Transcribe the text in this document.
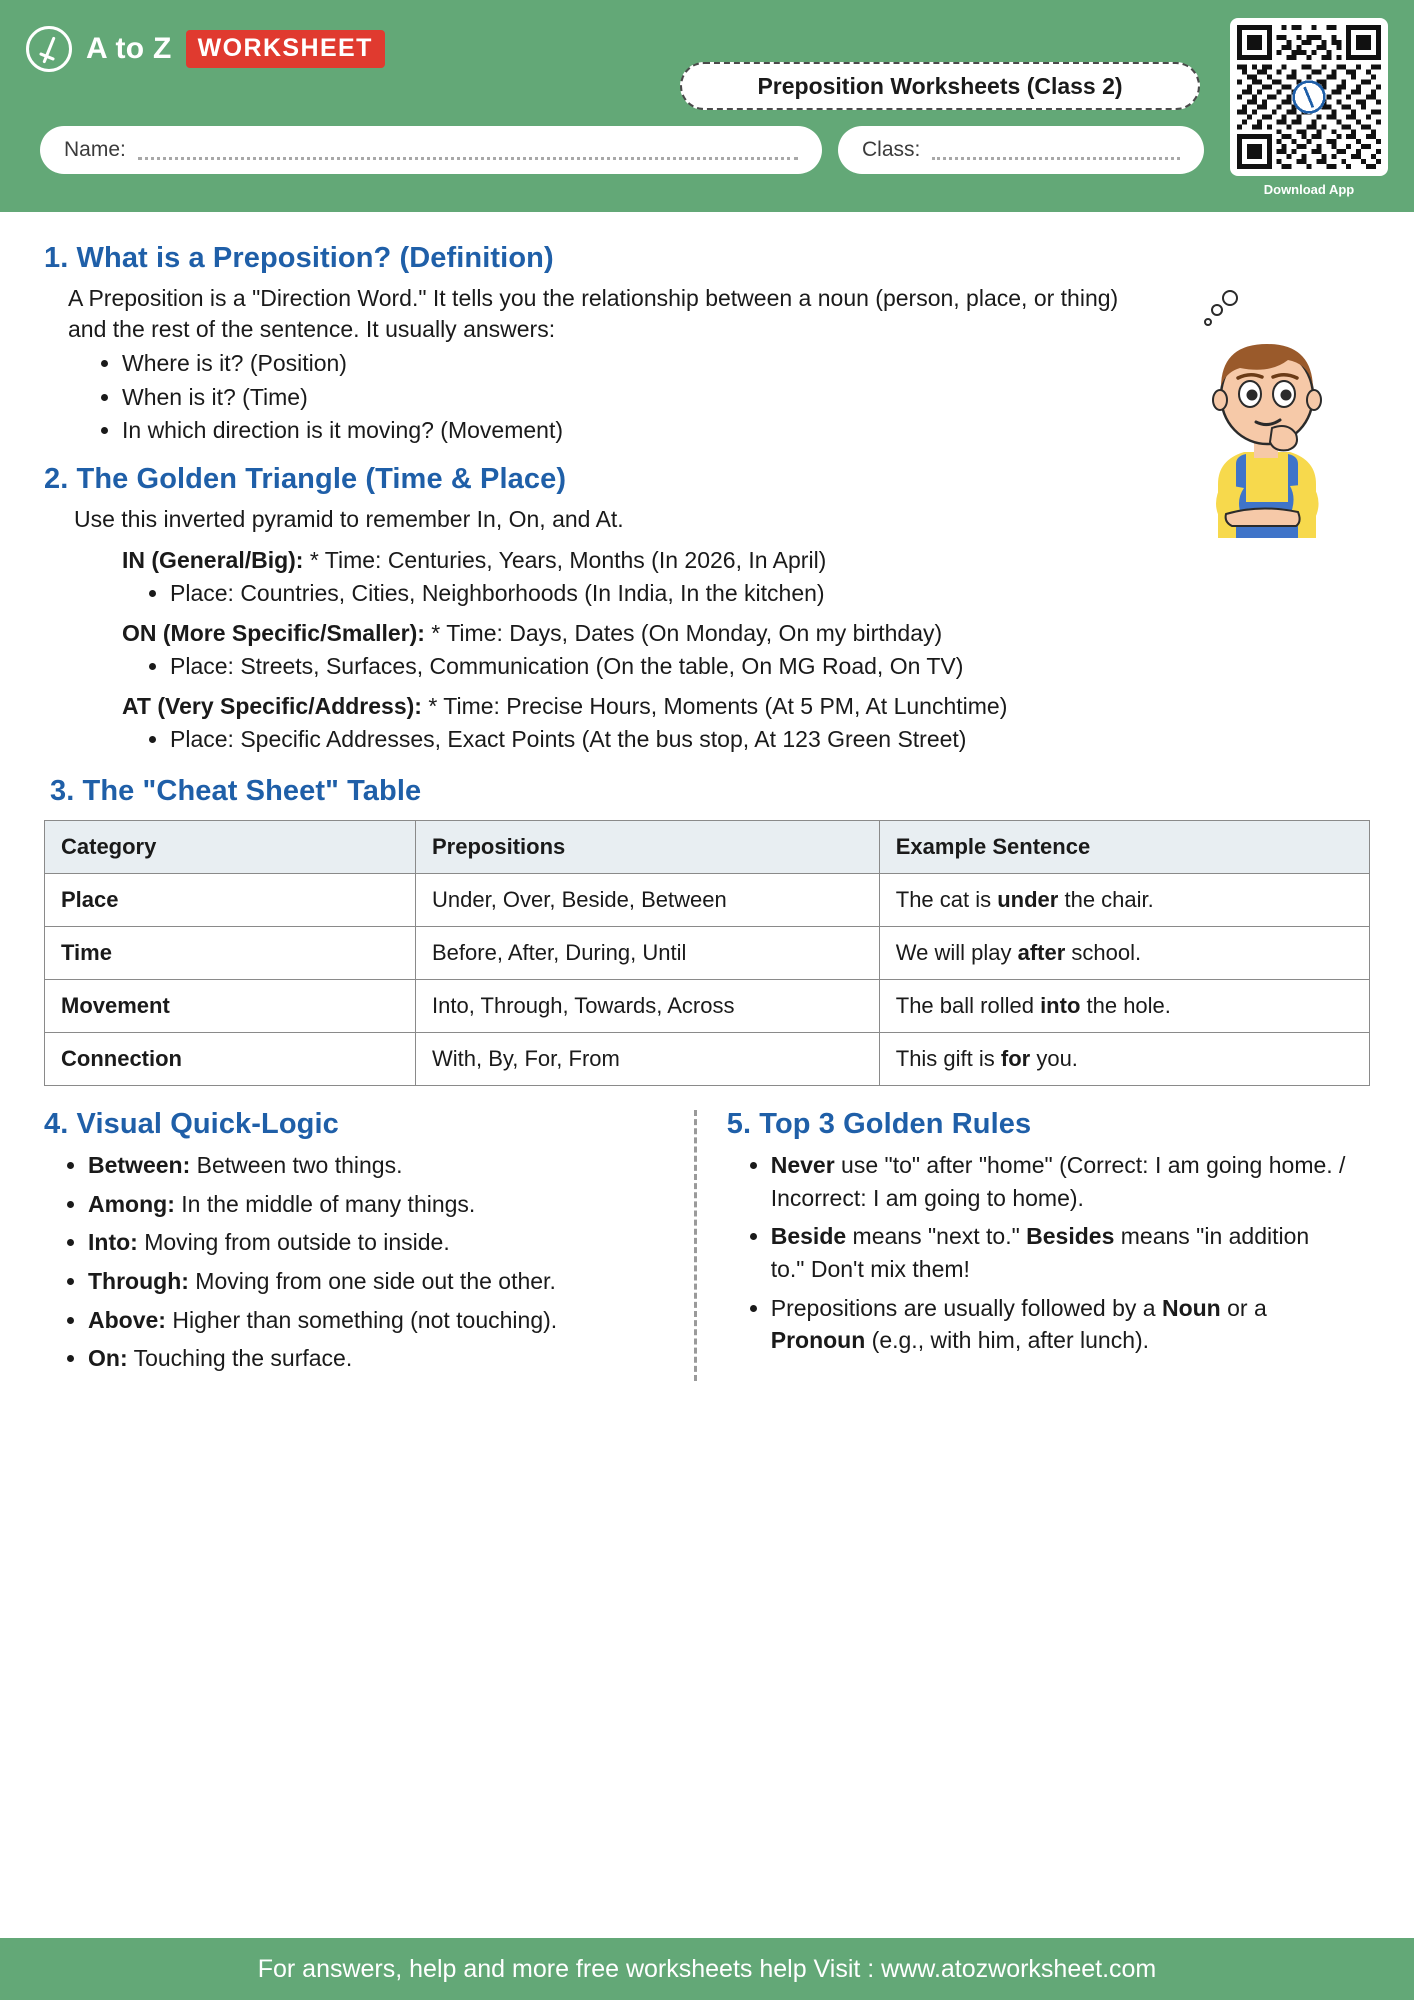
A to Z	WORKSHEET
Preposition Worksheets (Class 2)
Download App
Name:	Class:
1. What is a Preposition? (Definition)

A Preposition is a "Direction Word." It tells you the relationship between a noun (person, place, or thing) and the rest of the sentence. It usually answers:

• Where is it? (Position)
• When is it? (Time)
• In which direction is it moving? (Movement)
2. The Golden Triangle (Time & Place)

Use this inverted pyramid to remember In, On, and At.

IN (General/Big): * Time: Centuries, Years, Months (In 2026, In April)

• Place: Countries, Cities, Neighborhoods (In India, In the kitchen)

ON (More Specific/Smaller): * Time: Days, Dates (On Monday, On my birthday)

• Place: Streets, Surfaces, Communication (On the table, On MG Road, On TV)

AT (Very Specific/Address): * Time: Precise Hours, Moments (At 5 PM, At Lunchtime)

• Place: Specific Addresses, Exact Points (At the bus stop, At 123 Green Street)
3. The "Cheat Sheet" Table
Category	Prepositions	Example Sentence
Place	Under, Over, Beside, Between	The cat is under the chair.
Time	Before, After, During, Until	We will play after school.
Movement	Into, Through, Towards, Across	The ball rolled into the hole.
Connection	With, By, For, From	This gift is for you.
4. Visual Quick-Logic
• Between: Between two things.
• Among: In the middle of many things.
• Into: Moving from outside to inside.
• Through: Moving from one side out the other.
• Above: Higher than something (not touching).
• On: Touching the surface.
5. Top 3 Golden Rules
• Never use "to" after "home" (Correct: I am going home. / Incorrect: I am going to home).
• Beside means "next to." Besides means "in addition to." Don't mix them!
• Prepositions are usually followed by a Noun or a Pronoun (e.g., with him, after lunch).
For answers, help and more free worksheets help Visit : www.atozworksheet.com
